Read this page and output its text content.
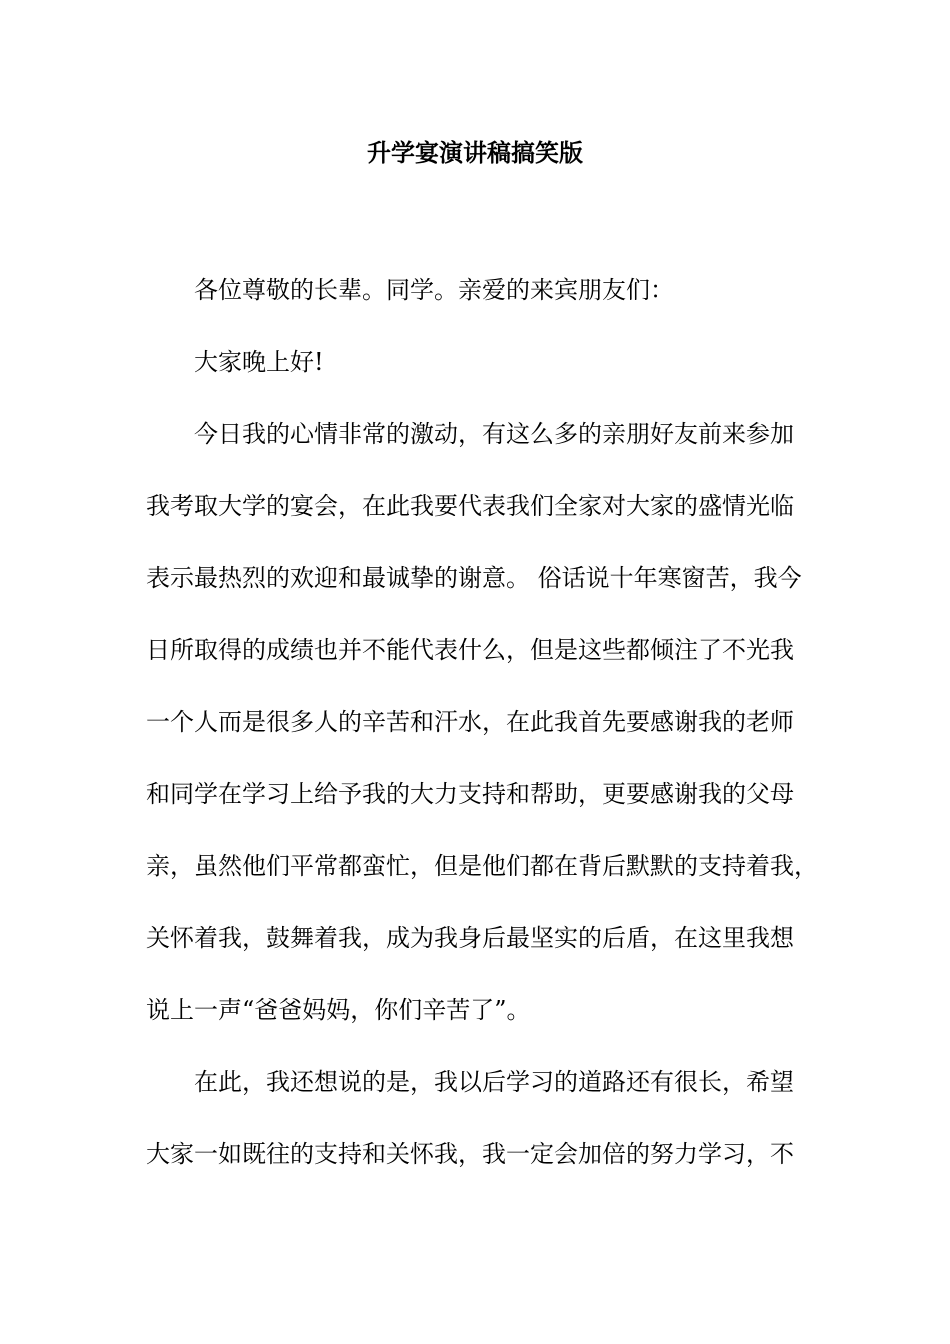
升学宴演讲稿搞笑版

各位尊敬的长辈。同学。亲爱的来宾朋友们：

大家晚上好!

今日我的心情非常的激动，有这么多的亲朋好友前来参加
我考取大学的宴会，在此我要代表我们全家对大家的盛情光临
表示最热烈的欢迎和最诚挚的谢意。 俗话说十年寒窗苦，我今
日所取得的成绩也并不能代表什么，但是这些都倾注了不光我
一个人而是很多人的辛苦和汗水，在此我首先要感谢我的老师
和同学在学习上给予我的大力支持和帮助，更要感谢我的父母
亲，虽然他们平常都蛮忙，但是他们都在背后默默的支持着我，
关怀着我，鼓舞着我，成为我身后最坚实的后盾，在这里我想
说上一声“爸爸妈妈，你们辛苦了”。

在此，我还想说的是，我以后学习的道路还有很长，希望
大家一如既往的支持和关怀我，我一定会加倍的努力学习，不
